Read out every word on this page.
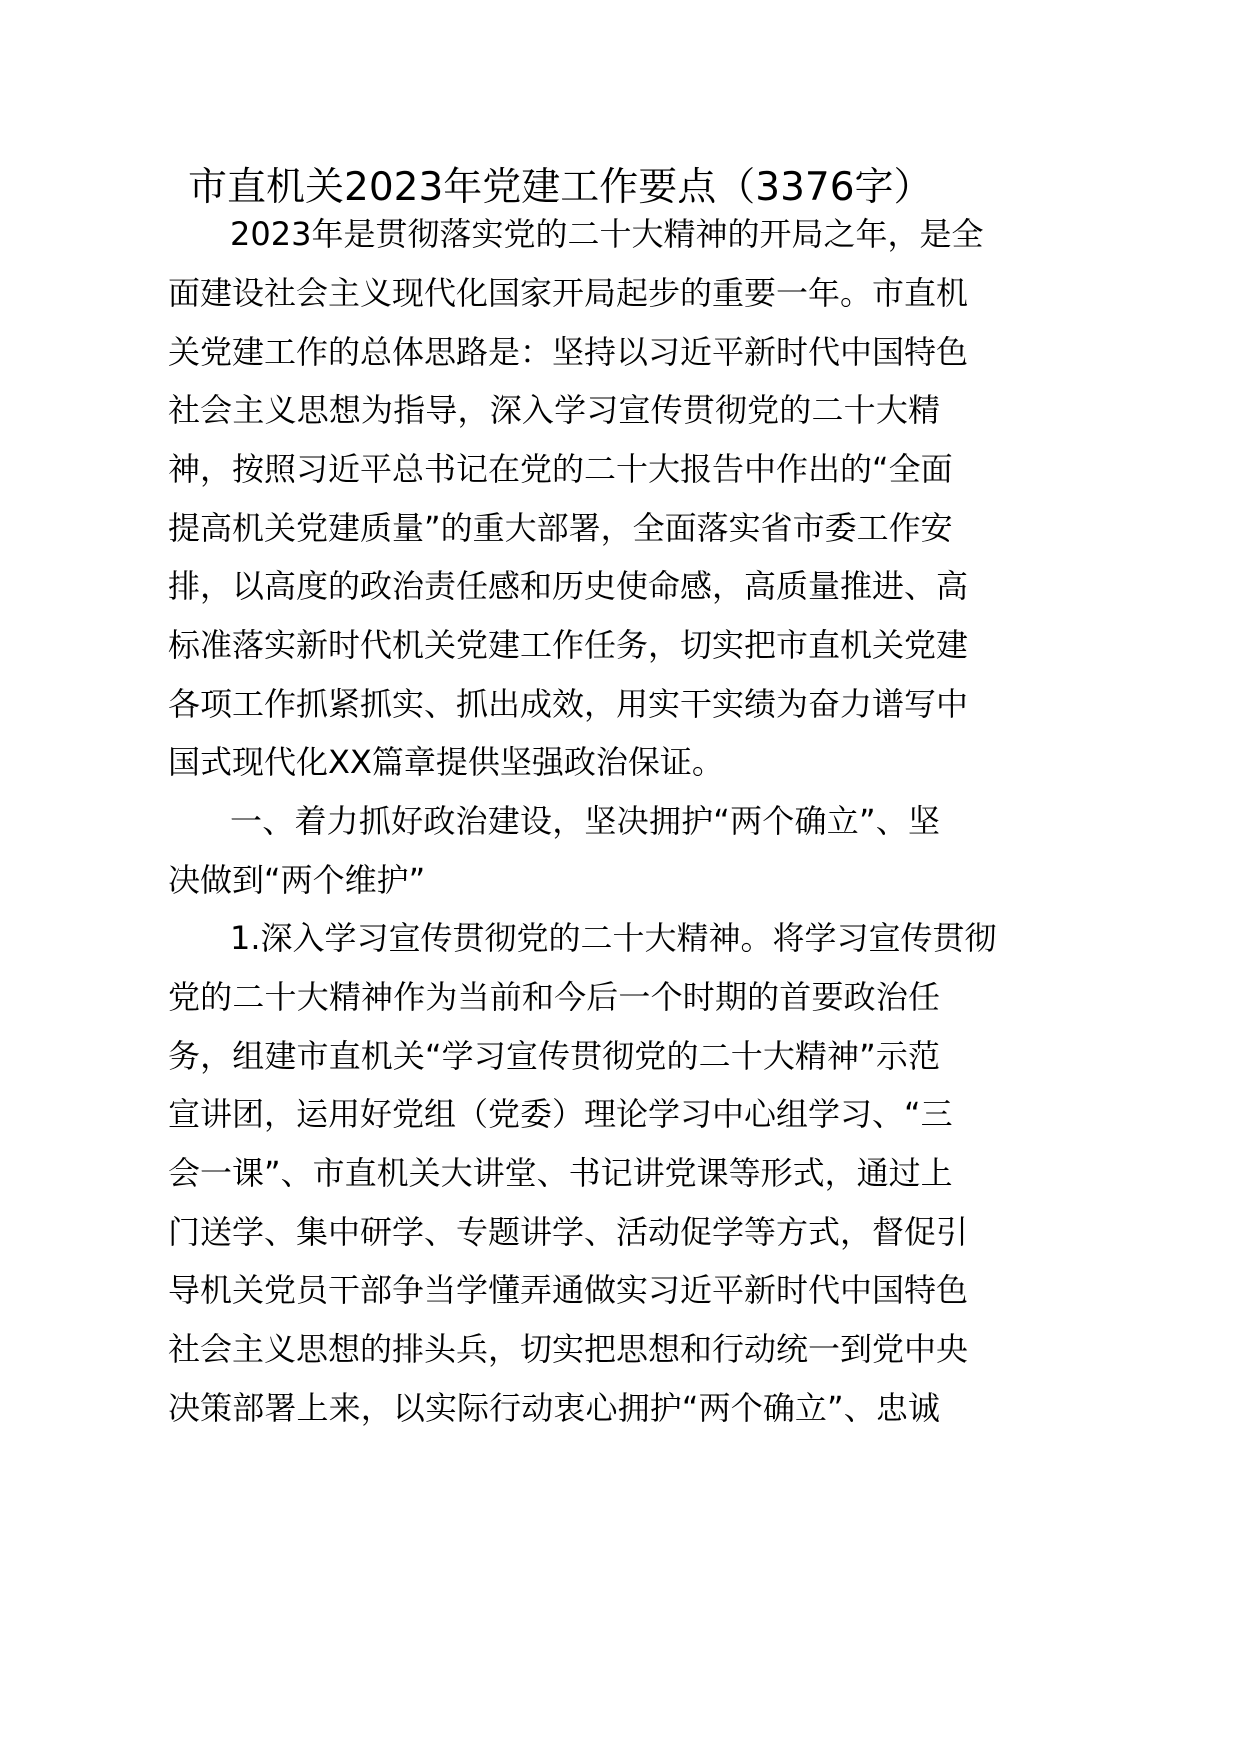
市直机关2023年党建工作要点（3376字）
2023年是贯彻落实党的二十大精神的开局之年，是全
面建设社会主义现代化国家开局起步的重要一年。市直机
关党建工作的总体思路是：坚持以习近平新时代中国特色
社会主义思想为指导，深入学习宣传贯彻党的二十大精
神，按照习近平总书记在党的二十大报告中作出的“全面
提高机关党建质量”的重大部署，全面落实省市委工作安
排，以高度的政治责任感和历史使命感，高质量推进、高
标准落实新时代机关党建工作任务，切实把市直机关党建
各项工作抓紧抓实、抓出成效，用实干实绩为奋力谱写中
国式现代化XX篇章提供坚强政治保证。
一、着力抓好政治建设，坚决拥护“两个确立”、坚
决做到“两个维护”
1.深入学习宣传贯彻党的二十大精神。将学习宣传贯彻
党的二十大精神作为当前和今后一个时期的首要政治任
务，组建市直机关“学习宣传贯彻党的二十大精神”示范
宣讲团，运用好党组（党委）理论学习中心组学习、“三
会一课”、市直机关大讲堂、书记讲党课等形式，通过上
门送学、集中研学、专题讲学、活动促学等方式，督促引
导机关党员干部争当学懂弄通做实习近平新时代中国特色
社会主义思想的排头兵，切实把思想和行动统一到党中央
决策部署上来，以实际行动衷心拥护“两个确立”、忠诚
